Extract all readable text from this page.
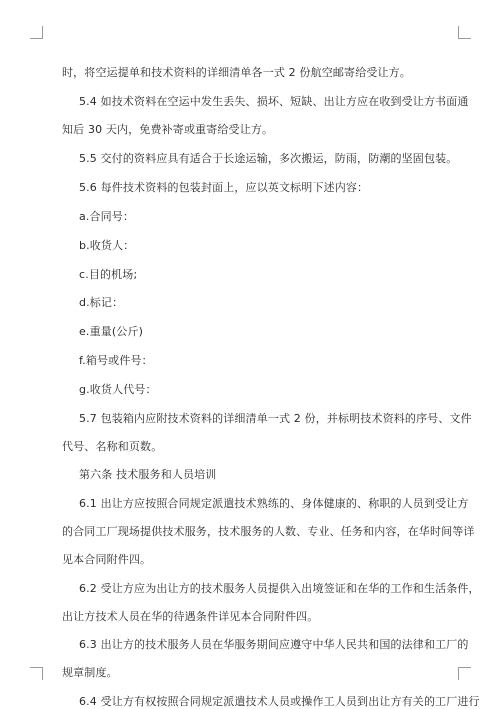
时，将空运提单和技术资料的详细清单各一式 2 份航空邮寄给受让方。
5.4 如技术资料在空运中发生丢失、损坏、短缺、出让方应在收到受让方书面通
知后 30 天内，免费补寄或重寄给受让方。
5.5 交付的资料应具有适合于长途运输，多次搬运，防雨，防潮的坚固包装。
5.6 每件技术资料的包装封面上，应以英文标明下述内容：
a.合同号：
b.收货人：
c.目的机场;
d.标记：
e.重量(公斤)
f.箱号或件号：
g.收货人代号：
5.7 包装箱内应附技术资料的详细清单一式 2 份，并标明技术资料的序号、文件
代号、名称和页数。
第六条 技术服务和人员培训
6.1 出让方应按照合同规定派遣技术熟练的、身体健康的、称职的人员到受让方
的合同工厂现场提供技术服务，技术服务的人数、专业、任务和内容，在华时间等详
见本合同附件四。
6.2 受让方应为出让方的技术服务人员提供入出境签证和在华的工作和生活条件，
出让方技术人员在华的待遇条件详见本合同附件四。
6.3 出让方的技术服务人员在华服务期间应遵守中华人民共和国的法律和工厂的
规章制度。
6.4 受让方有权按照合同规定派遣技术人员或操作工人员到出让方有关的工厂进行
